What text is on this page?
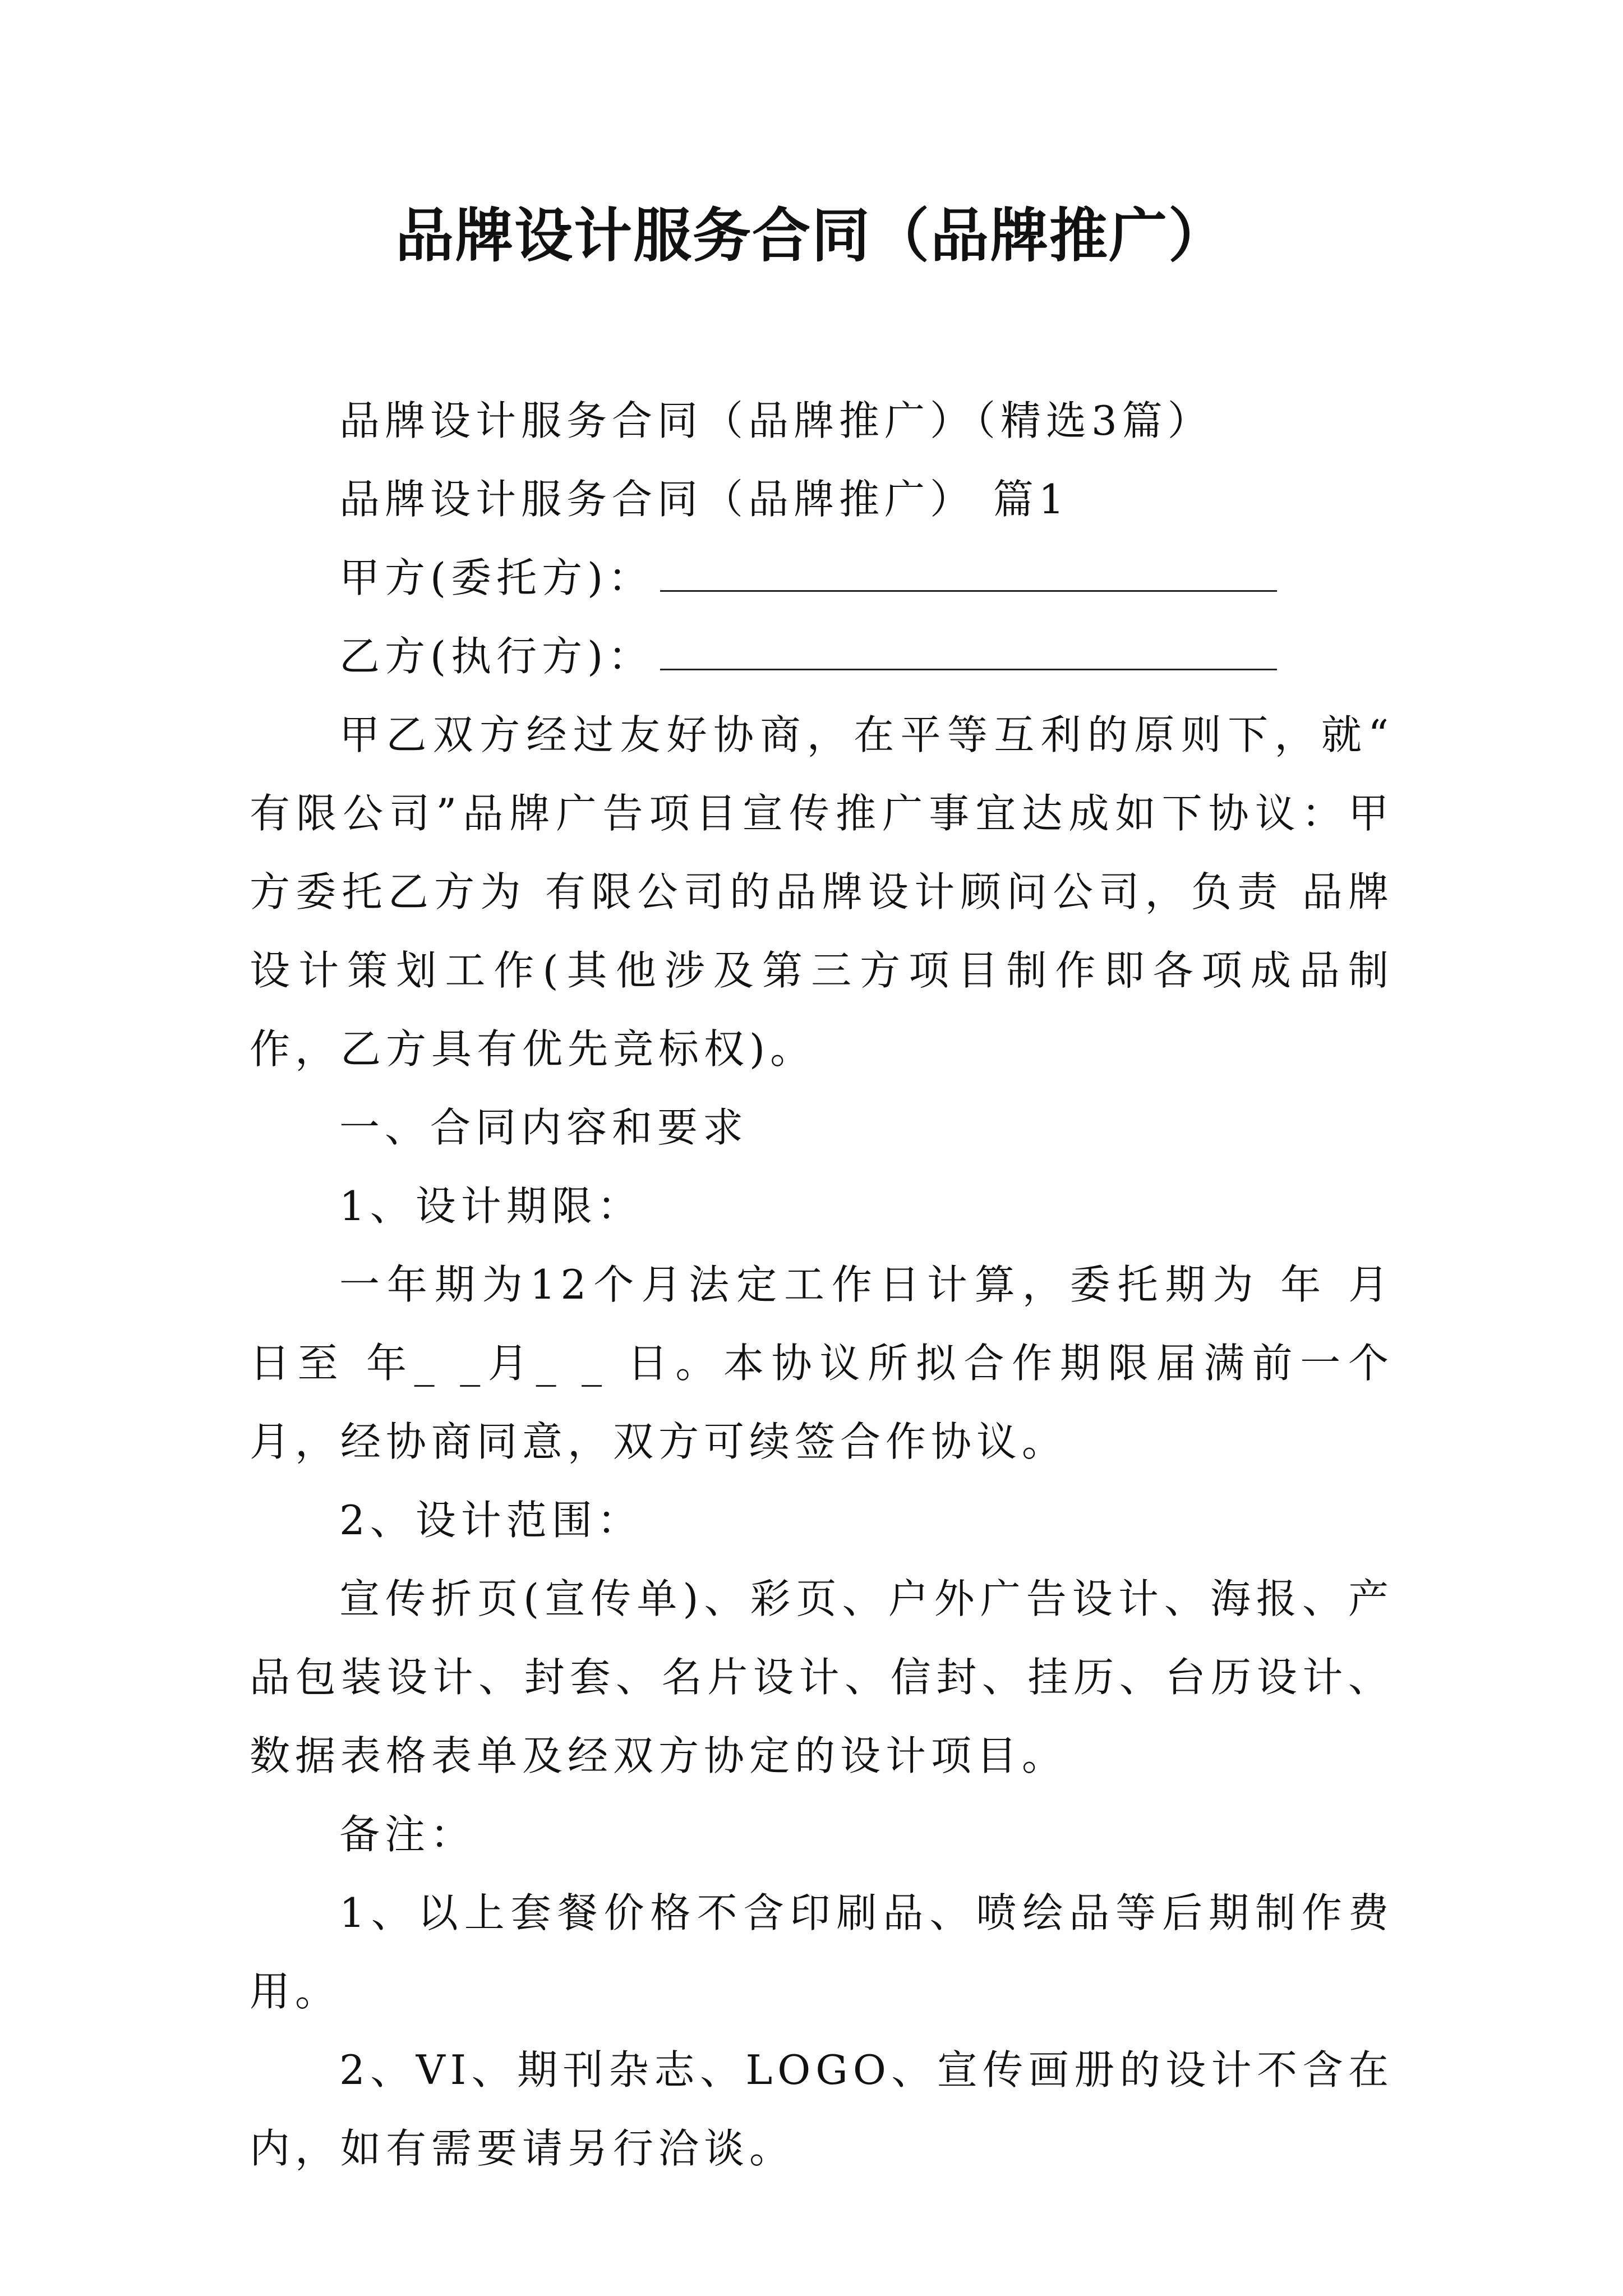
品牌设计服务合同（品牌推广）

品牌设计服务合同（品牌推广）（精选3篇）

品牌设计服务合同（品牌推广） 篇1

甲方(委托方)：

乙方(执行方)：

甲乙双方经过友好协商，在平等互利的原则下，就“ 有限公司”品牌广告项目宣传推广事宜达成如下协议：甲方委托乙方为 有限公司的品牌设计顾问公司，负责 品牌设计策划工作(其他涉及第三方项目制作即各项成品制作，乙方具有优先竞标权)。

一、合同内容和要求

1、设计期限：

一年期为12个月法定工作日计算，委托期为 年 月 日至 年_ _月_ _ 日。本协议所拟合作期限届满前一个月，经协商同意，双方可续签合作协议。

2、设计范围：

宣传折页(宣传单)、彩页、户外广告设计、海报、产品包装设计、封套、名片设计、信封、挂历、台历设计、数据表格表单及经双方协定的设计项目。

备注：

1、以上套餐价格不含印刷品、喷绘品等后期制作费用。

2、VI、期刊杂志、LOGO、宣传画册的设计不含在内，如有需要请另行洽谈。
